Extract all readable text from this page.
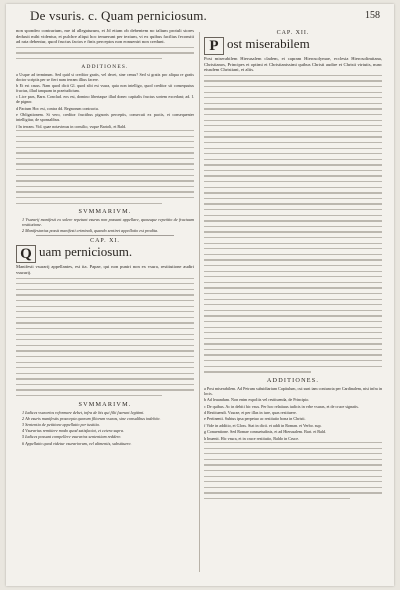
De vsuris. c. Quam perniciosum.	158

non spondeo contrarium, me id allegaturum, et Jd etiam ob debentem no talium protuli stores deduxit mihi videntur, et pulchre aliqui hoc tenuerunt per textum, vt ex quibus facilius feconsiti ad rata debentur, quod fructus factos e finis perceptos non eonueniri non credunt.

ADDITIONES.

a Usque ad terminum. Sed quid si creditor gratis, vel decet, sine censu? Sed si gratis pro aliqua re gratis doctor scriptis per se fieri nam terram illius facere.

b Et est casus. Nam quod dicit Gl. quod sibi est vsura, quia non intelligo, quod creditor sit consequutus fructus, illud tanquam in praeiudicium.

c Lice pars, Barn. Conclud. eos est, domino libertaque illud donec capitalis fructus sortem excedant; ad. I. de pignor.

d Pactum Hoc est, contra dd. Regnorum contractu.

e Obligationem. Si vero, creditor fructibus pignoris perceptis, consecuti ex pactis, et consequenter intelligitur, de sponsalibus.

f In terram. Vid. quae notavimus in consilio, vsque Bartoli, et Bald.

SVMMARIVM.

1 Vsurarij manifesti ex solere repetunt vsuras non possunt appellare, quousque repetitio de fructuum restitutione.

2 Manifestarius possit manifesti criminali, quando sentiret appellatio est prodita.

CAP. XI.
Q uam perniciosum.

Manifesti vsurarij appellantes, est ita. Papae, qui non puniri non ex vsura, restitutione audiri vsurarij.

SVMMARIVM.

1 Iudices vsurarios reformare debet, infra de bis qui filii fuerunt legitimi.

2 Ab vsuris manifestis praecepta quorum filiorum vsuras, sine consulibus indebite.

3 Sententia de petitione appellatio per iustitia.

4 Vsurarius remittere modo quod satisfaciat, et cetera supra.

5 Iudices possunt compellere vsurarios sententiam reddere.

6 Appellatio quod videtur vsurariorum, vel alimentis, substituere.

CAP. XII.
P ost miserabilem

Post miserabilem Hierusalem cladem, et capram Hierosolymae, ecclesia Hierosolimitana, Christianos, Principes et optimi et Christianissimi quibus Christi audire et Christi virtutis, nunc eiusdem Christiani, et aliis.

ADDITIONES.

a Post miserabilem. Ad Petrum subsidiarium Capitulum, cui sunt iam coniuncta per Cardinalem, nisi infra in locis.

b Ad leuandum. Non enim expoliis vel restituenda, de Principio.

c De quibus. Ac in debiti hic vsus. Per hoc relatiuus iudicis in vrbe vsuras, et de cruce signatis.

d Restituendi. Vsurae, et per illas in iure, quas restituere.

e Pertinenti. Subtus ipsa perpetuo ac restitutio bona in Christi.

f Vide in additio, et Gloss. Stat in dicti. et addi in Roman. et Verbo. sup.

g Conuentione. Sed Romae consuetudinis, et ad Hierusalem. Bart. et Bald.

h Inuenit. Hic vsura, et in cruce restitutio, Baldo in Cruce.
